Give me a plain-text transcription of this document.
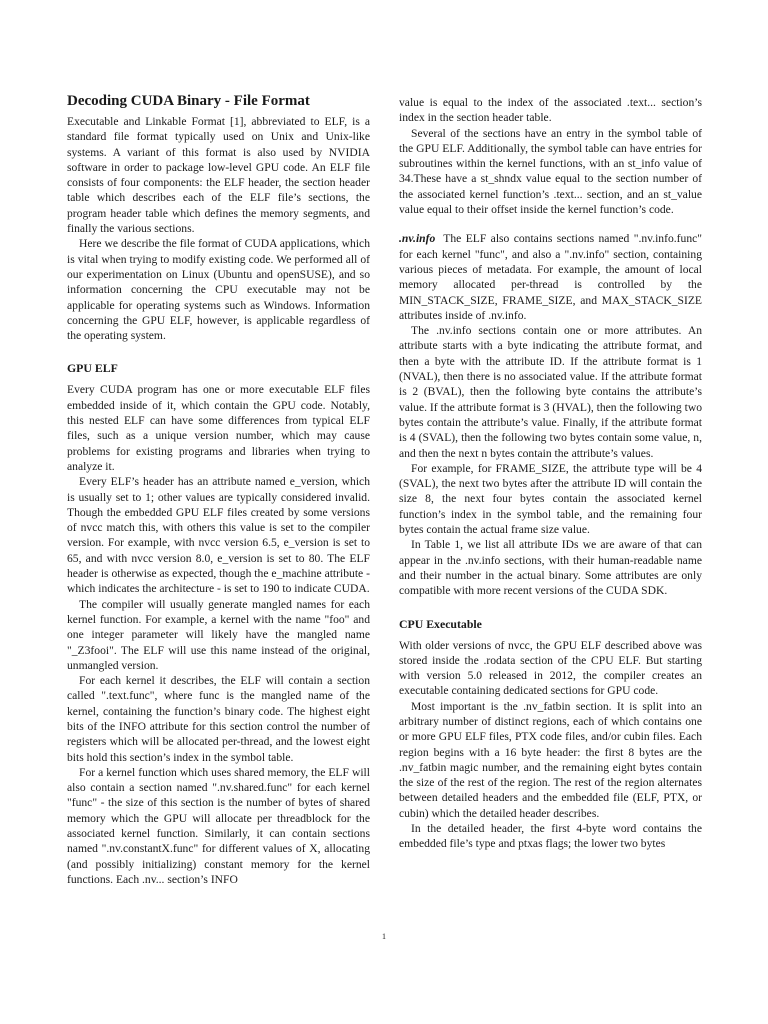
Decoding CUDA Binary - File Format

Executable and Linkable Format [1], abbreviated to ELF, is a standard file format typically used on Unix and Unix-like systems. A variant of this format is also used by NVIDIA software in order to package low-level GPU code. An ELF file consists of four components: the ELF header, the section header table which describes each of the ELF file’s sections, the program header table which defines the memory segments, and finally the various sections.

Here we describe the file format of CUDA applications, which is vital when trying to modify existing code. We performed all of our experimentation on Linux (Ubuntu and openSUSE), and so information concerning the CPU executable may not be applicable for operating systems such as Windows. Information concerning the GPU ELF, however, is applicable regardless of the operating system.

GPU ELF

Every CUDA program has one or more executable ELF files embedded inside of it, which contain the GPU code. Notably, this nested ELF can have some differences from typical ELF files, such as a unique version number, which may cause problems for existing programs and libraries when trying to analyze it.

Every ELF’s header has an attribute named e_version, which is usually set to 1; other values are typically considered invalid. Though the embedded GPU ELF files created by some versions of nvcc match this, with others this value is set to the compiler version. For example, with nvcc version 6.5, e_version is set to 65, and with nvcc version 8.0, e_version is set to 80. The ELF header is otherwise as expected, though the e_machine attribute - which indicates the architecture - is set to 190 to indicate CUDA.

The compiler will usually generate mangled names for each kernel function. For example, a kernel with the name "foo" and one integer parameter will likely have the mangled name "_Z3fooi". The ELF will use this name instead of the original, unmangled version.

For each kernel it describes, the ELF will contain a section called ".text.func", where func is the mangled name of the kernel, containing the function’s binary code. The highest eight bits of the INFO attribute for this section control the number of registers which will be allocated per-thread, and the lowest eight bits hold this section’s index in the symbol table.

For a kernel function which uses shared memory, the ELF will also contain a section named ".nv.shared.func" for each kernel "func" - the size of this section is the number of bytes of shared memory which the GPU will allocate per threadblock for the associated kernel function. Similarly, it can contain sections named ".nv.constantX.func" for different values of X, allocating (and possibly initializing) constant memory for the kernel functions. Each .nv... section’s INFO

value is equal to the index of the associated .text... section’s index in the section header table.

Several of the sections have an entry in the symbol table of the GPU ELF. Additionally, the symbol table can have entries for subroutines within the kernel functions, with an st_info value of 34.These have a st_shndx value equal to the section number of the associated kernel function’s .text... section, and an st_value value equal to their offset inside the kernel function’s code.

.nv.info The ELF also contains sections named ".nv.info.func" for each kernel "func", and also a ".nv.info" section, containing various pieces of metadata. For example, the amount of local memory allocated per-thread is controlled by the MIN_STACK_SIZE, FRAME_SIZE, and MAX_STACK_SIZE attributes inside of .nv.info.

The .nv.info sections contain one or more attributes. An attribute starts with a byte indicating the attribute format, and then a byte with the attribute ID. If the attribute format is 1 (NVAL), then there is no associated value. If the attribute format is 2 (BVAL), then the following byte contains the attribute’s value. If the attribute format is 3 (HVAL), then the following two bytes contain the attribute’s value. Finally, if the attribute format is 4 (SVAL), then the following two bytes contain some value, n, and then the next n bytes contain the attribute’s values.

For example, for FRAME_SIZE, the attribute type will be 4 (SVAL), the next two bytes after the attribute ID will contain the size 8, the next four bytes contain the associated kernel function’s index in the symbol table, and the remaining four bytes contain the actual frame size value.

In Table 1, we list all attribute IDs we are aware of that can appear in the .nv.info sections, with their human-readable name and their number in the actual binary. Some attributes are only compatible with more recent versions of the CUDA SDK.

CPU Executable

With older versions of nvcc, the GPU ELF described above was stored inside the .rodata section of the CPU ELF. But starting with version 5.0 released in 2012, the compiler creates an executable containing dedicated sections for GPU code.

Most important is the .nv_fatbin section. It is split into an arbitrary number of distinct regions, each of which contains one or more GPU ELF files, PTX code files, and/or cubin files. Each region begins with a 16 byte header: the first 8 bytes are the .nv_fatbin magic number, and the remaining eight bytes contain the size of the rest of the region. The rest of the region alternates between detailed headers and the embedded file (ELF, PTX, or cubin) which the detailed header describes.

In the detailed header, the first 4-byte word contains the embedded file’s type and ptxas flags; the lower two bytes

1
